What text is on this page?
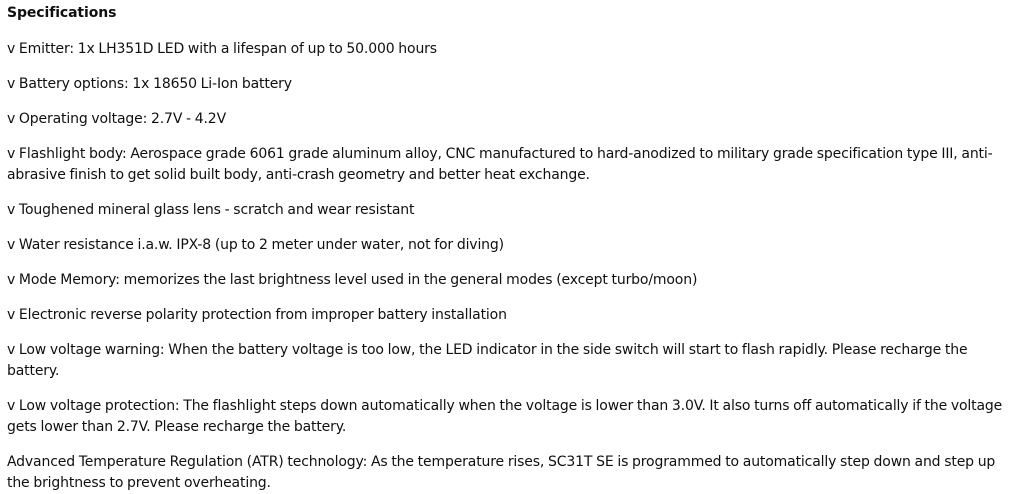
Specifications
v Emitter: 1x LH351D LED with a lifespan of up to 50.000 hours
v Battery options: 1x 18650 Li-Ion battery
v Operating voltage: 2.7V - 4.2V
v Flashlight body: Aerospace grade 6061 grade aluminum alloy, CNC manufactured to hard-anodized to military grade specification type III, anti-abrasive finish to get solid built body, anti-crash geometry and better heat exchange.
v Toughened mineral glass lens - scratch and wear resistant
v Water resistance i.a.w. IPX-8 (up to 2 meter under water, not for diving)
v Mode Memory: memorizes the last brightness level used in the general modes (except turbo/moon)
v Electronic reverse polarity protection from improper battery installation
v Low voltage warning: When the battery voltage is too low, the LED indicator in the side switch will start to flash rapidly. Please recharge the battery.
v Low voltage protection: The flashlight steps down automatically when the voltage is lower than 3.0V. It also turns off automatically if the voltage gets lower than 2.7V. Please recharge the battery.
Advanced Temperature Regulation (ATR) technology: As the temperature rises, SC31T SE is programmed to automatically step down and step up the brightness to prevent overheating.
